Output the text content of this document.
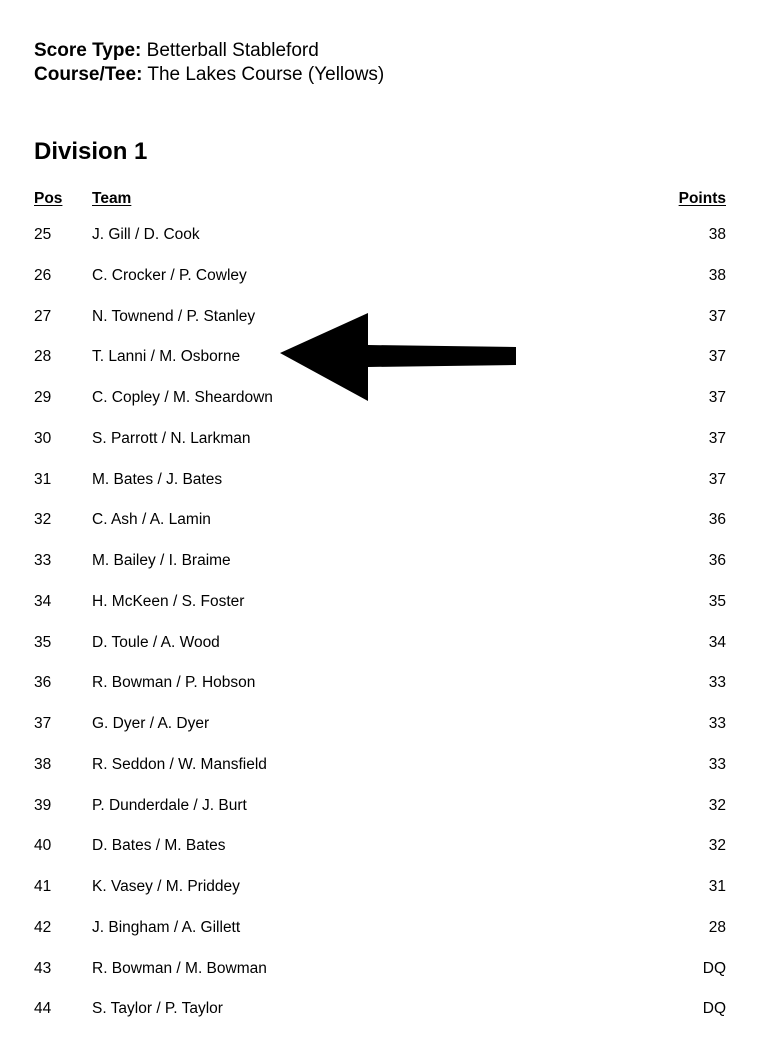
Score Type: Betterball Stableford
Course/Tee: The Lakes Course (Yellows)
Division 1
Pos Team	Points
25	J. Gill / D. Cook	38
26	C. Crocker / P. Cowley	38
27	N. Townend / P. Stanley	37
28	T. Lanni / M. Osborne	37
29	C. Copley / M. Sheardown	37
30	S. Parrott / N. Larkman	37
31	M. Bates / J. Bates	37
32	C. Ash / A. Lamin	36
33	M. Bailey / I. Braime	36
34	H. McKeen / S. Foster	35
35	D. Toule / A. Wood	34
36	R. Bowman / P. Hobson	33
37	G. Dyer / A. Dyer	33
38	R. Seddon / W. Mansfield	33
39	P. Dunderdale / J. Burt	32
40	D. Bates / M. Bates	32
41	K. Vasey / M. Priddey	31
42	J. Bingham / A. Gillett	28
43	R. Bowman / M. Bowman	DQ
44	S. Taylor / P. Taylor	DQ
